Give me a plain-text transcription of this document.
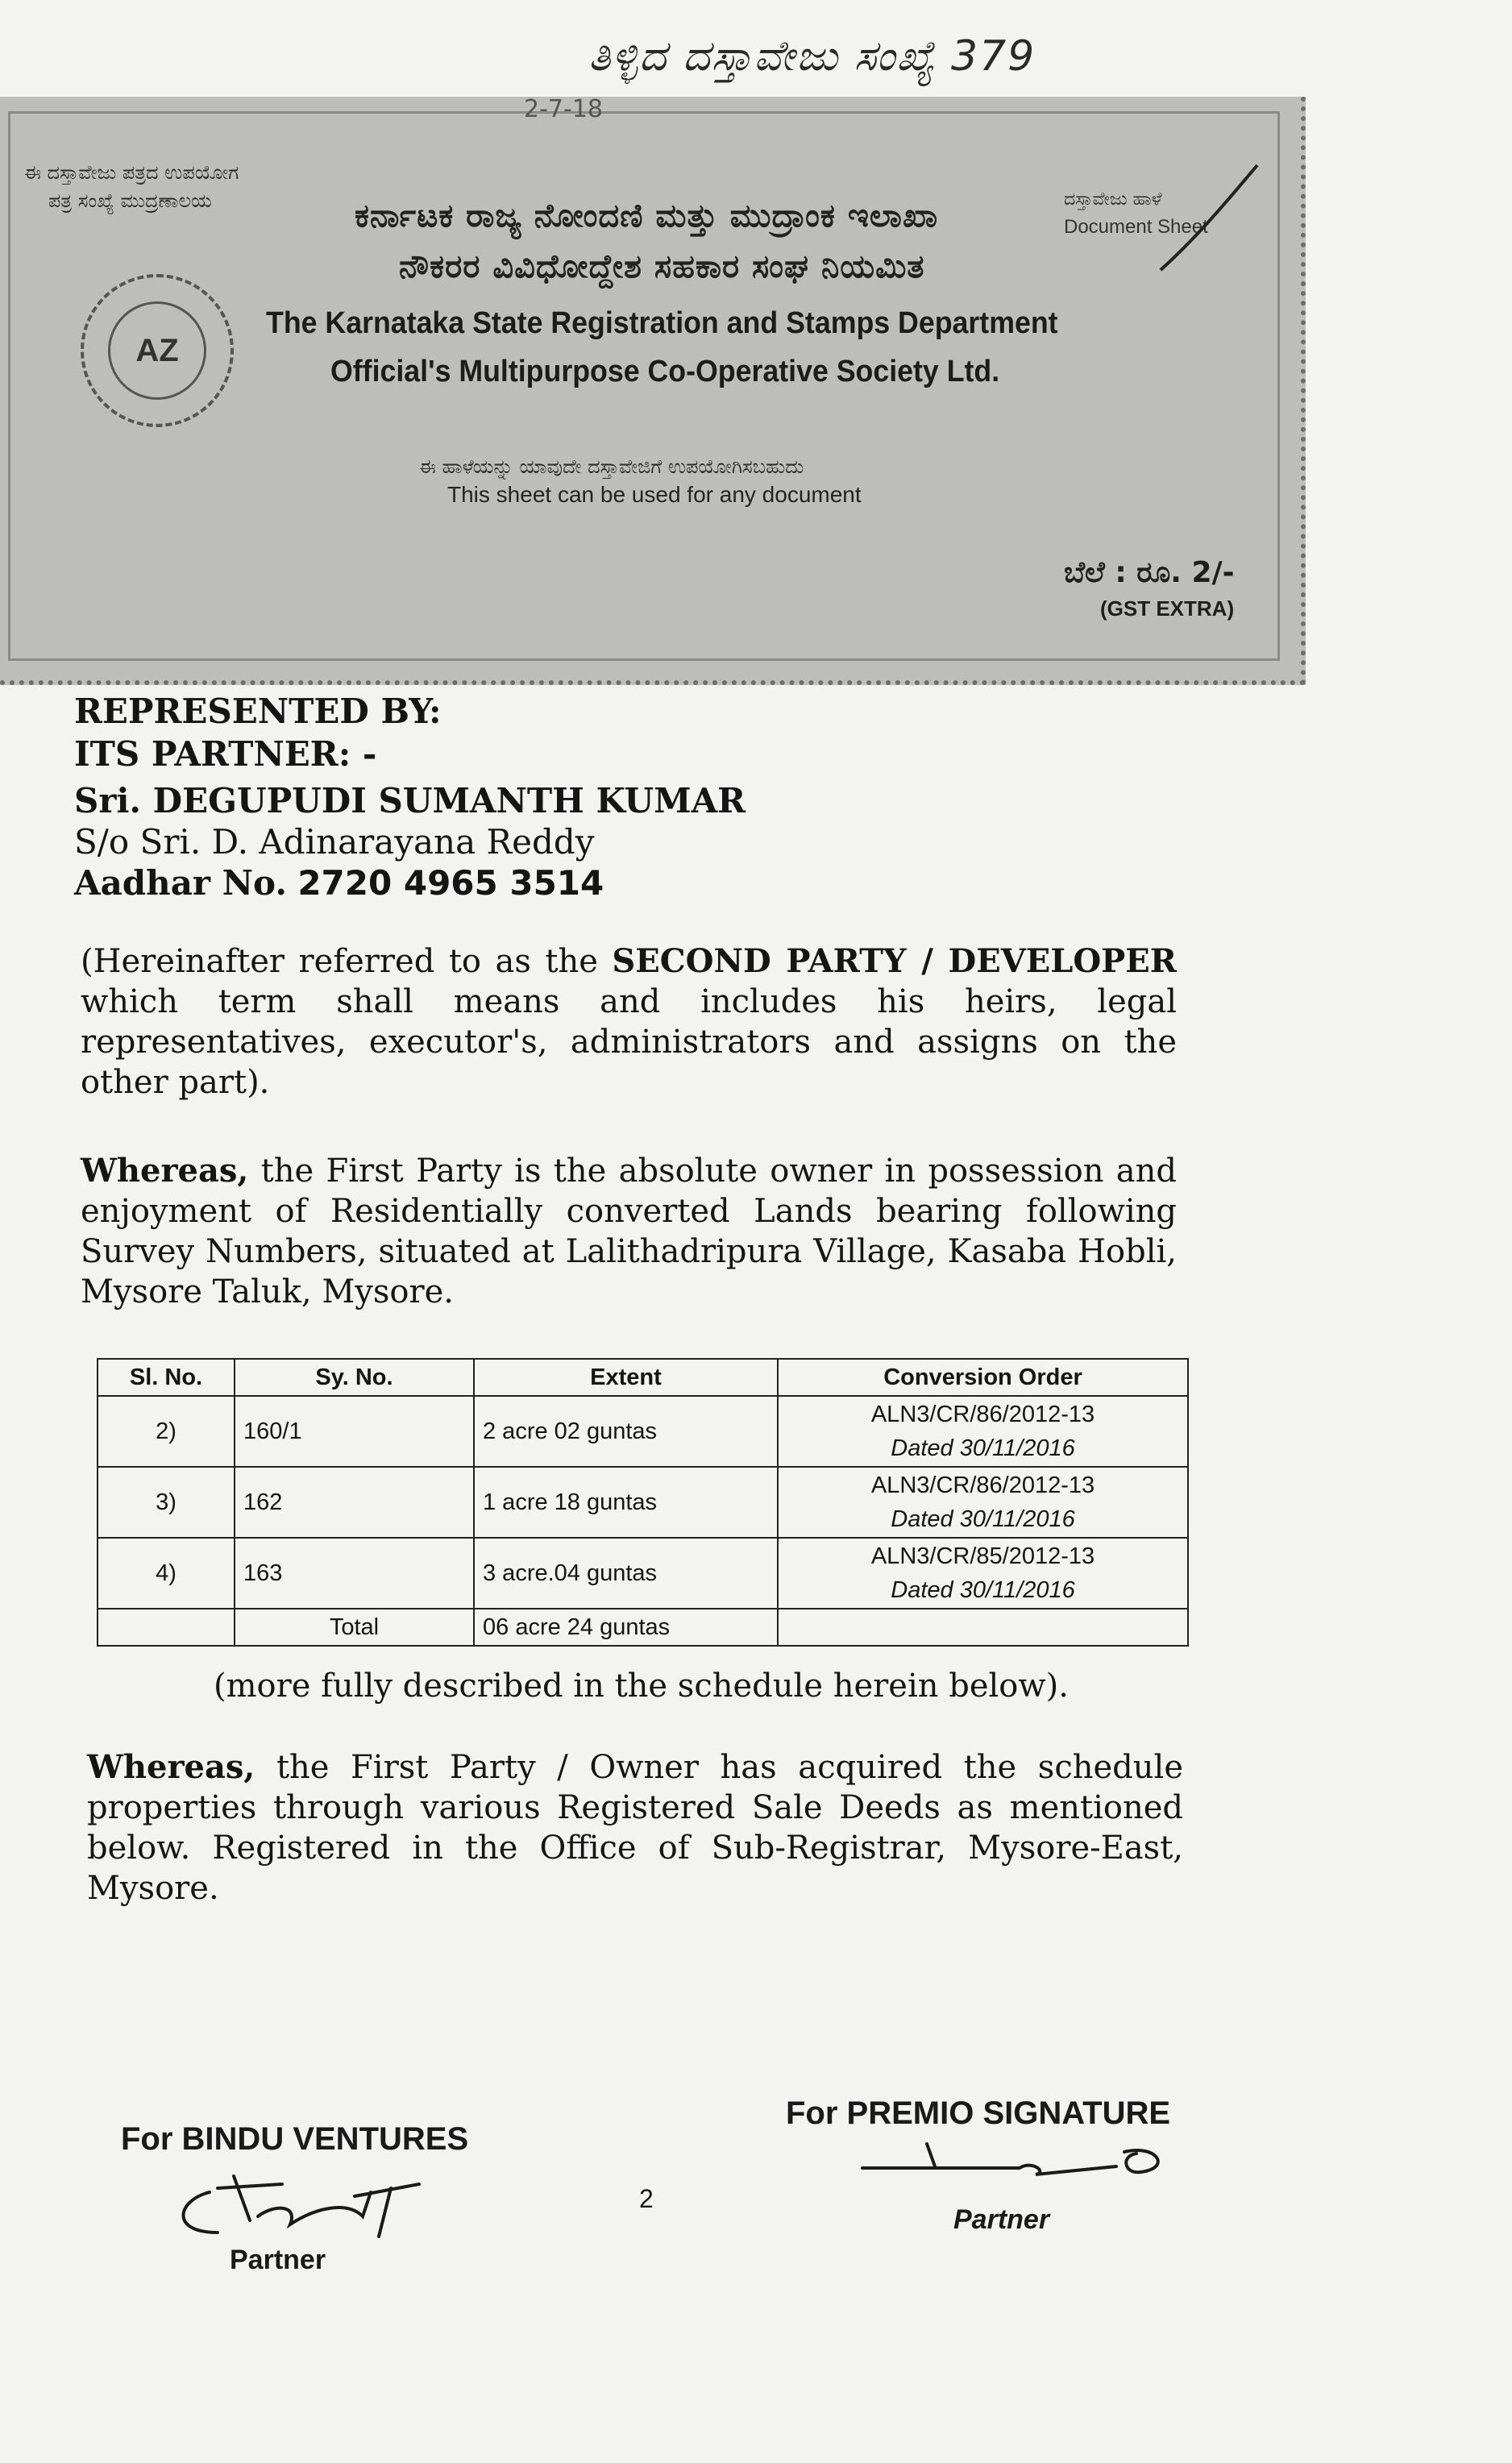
ತಿಳ್ಳಿದ ದಸ್ತಾವೇಜು ಸಂಖ್ಯೆ 379
2-7-18
ಈ ದಸ್ತಾವೇಜು ಪತ್ರದ ಉಪಯೋಗ
ಪತ್ರ ಸಂಖ್ಯೆ ಮುದ್ರಣಾಲಯ	ಕರ್ನಾಟಕ ರಾಜ್ಯ ನೋಂದಣಿ ಮತ್ತು ಮುದ್ರಾಂಕ ಇಲಾಖಾ
ನೌಕರರ ವಿವಿಧೋದ್ದೇಶ ಸಹಕಾರ ಸಂಘ ನಿಯಮಿತ
AZ
The Karnataka State Registration and Stamps Department
Official's Multipurpose Co-Operative Society Ltd.
ದಸ್ತಾವೇಜು ಹಾಳೆ
Document Sheet
ಈ ಹಾಳೆಯನ್ನು ಯಾವುದೇ ದಸ್ತಾವೇಜಿಗೆ ಉಪಯೋಗಿಸಬಹುದು
This sheet can be used for any document
ಬೆಲೆ : ರೂ. 2/-
(GST EXTRA)
REPRESENTED BY:
ITS PARTNER: -
Sri. DEGUPUDI SUMANTH KUMAR
S/o Sri. D. Adinarayana Reddy
Aadhar No. 2720 4965 3514
(Hereinafter referred to as the SECOND PARTY / DEVELOPER which term shall means and includes his heirs, legal representatives, executor's, administrators and assigns on the other part).
Whereas, the First Party is the absolute owner in possession and enjoyment of Residentially converted Lands bearing following Survey Numbers, situated at Lalithadripura Village, Kasaba Hobli, Mysore Taluk, Mysore.
Sl. No.	Sy. No.	Extent	Conversion Order
2)	160/1	2 acre 02 guntas	ALN3/CR/86/2012-13
Dated 30/11/2016

3)	162	1 acre 18 guntas	ALN3/CR/86/2012-13
Dated 30/11/2016

4)	163	3 acre.04 guntas	ALN3/CR/85/2012-13
Dated 30/11/2016

	Total	06 acre 24 guntas	
(more fully described in the schedule herein below).
Whereas, the First Party / Owner has acquired the schedule properties through various Registered Sale Deeds as mentioned below. Registered in the Office of Sub-Registrar, Mysore-East, Mysore.
For BINDU VENTURES
Partner
For PREMIO SIGNATURE
Partner
2
